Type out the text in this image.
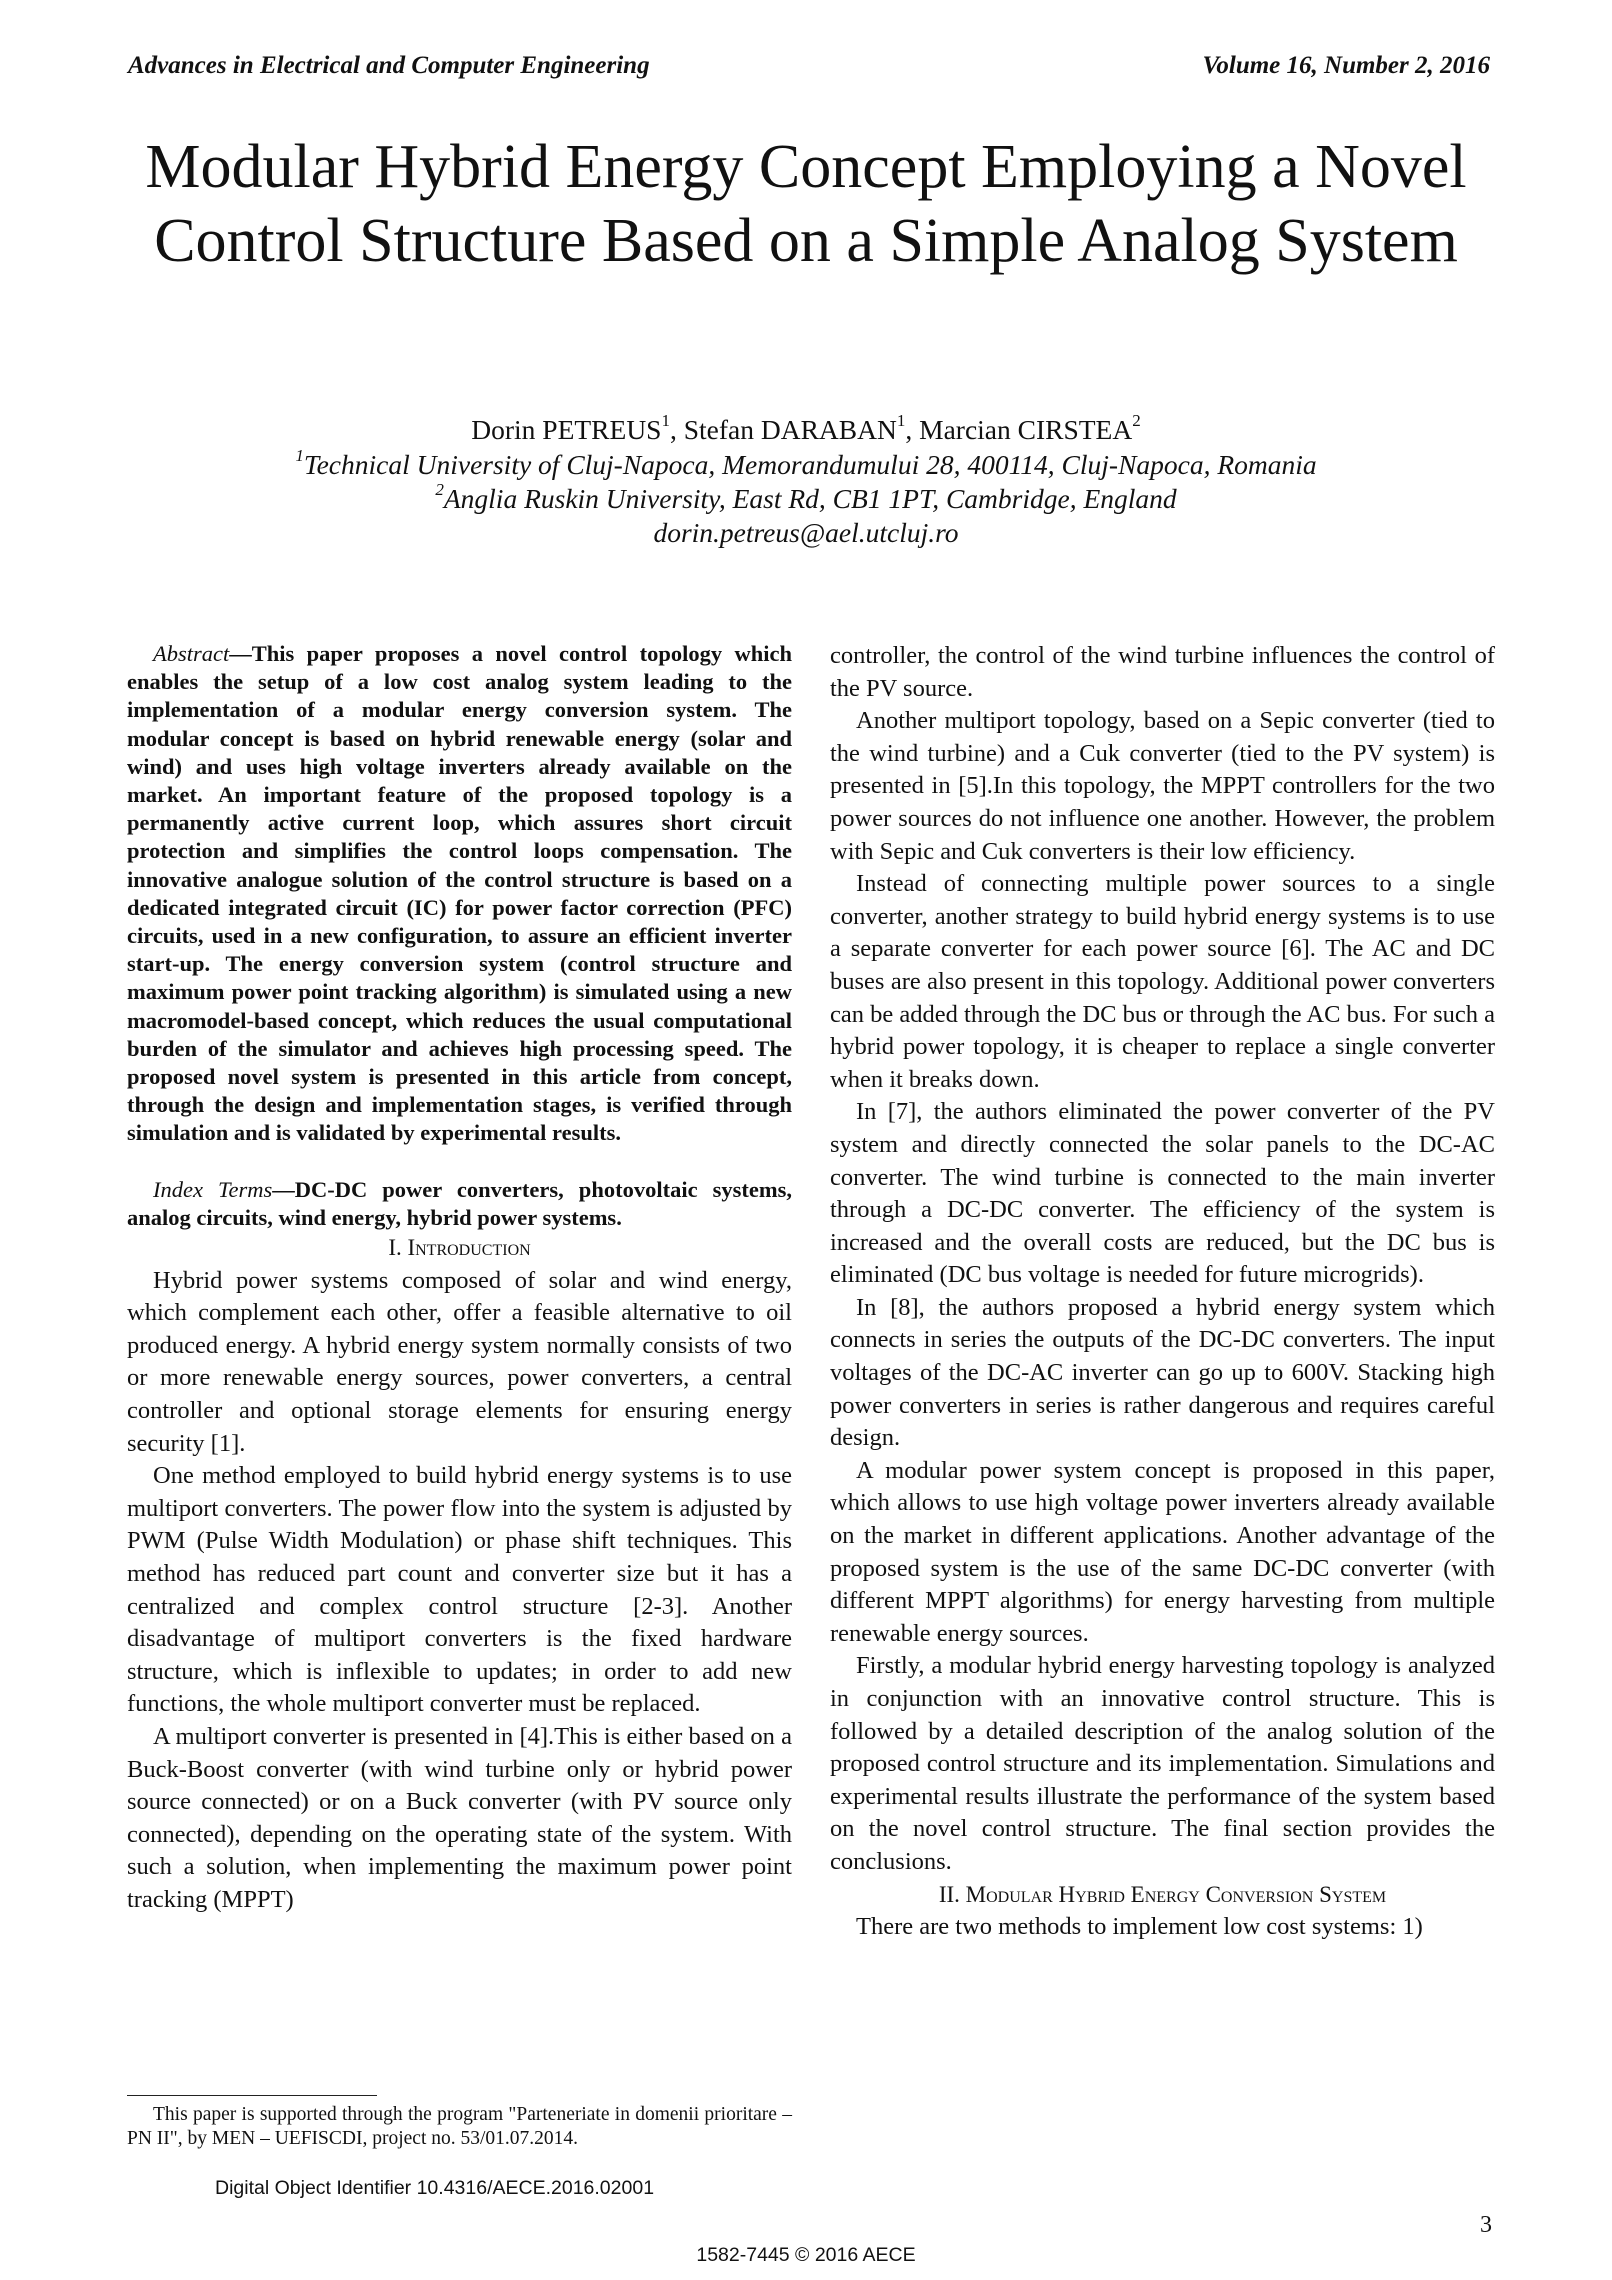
Advances in Electrical and Computer Engineering	Volume 16, Number 2, 2016
Modular Hybrid Energy Concept Employing a Novel Control Structure Based on a Simple Analog System
Dorin PETREUS$^1$, Stefan DARABAN$^1$, Marcian CIRSTEA$^2$
$^1$Technical University of Cluj-Napoca, Memorandumului 28, 400114, Cluj-Napoca, Romania
$^2$Anglia Ruskin University, East Rd, CB1 1PT, Cambridge, England
dorin.petreus@ael.utcluj.ro

Abstract—This paper proposes a novel control topology which enables the setup of a low cost analog system leading to the implementation of a modular energy conversion system. The modular concept is based on hybrid renewable energy (solar and wind) and uses high voltage inverters already available on the market. An important feature of the proposed topology is a permanently active current loop, which assures short circuit protection and simplifies the control loops compensation. The innovative analogue solution of the control structure is based on a dedicated integrated circuit (IC) for power factor correction (PFC) circuits, used in a new configuration, to assure an efficient inverter start-up. The energy conversion system (control structure and maximum power point tracking algorithm) is simulated using a new macromodel-based concept, which reduces the usual computational burden of the simulator and achieves high processing speed. The proposed novel system is presented in this article from concept, through the design and implementation stages, is verified through simulation and is validated by experimental results.

Index Terms—DC-DC power converters, photovoltaic systems, analog circuits, wind energy, hybrid power systems.

I. Introduction

Hybrid power systems composed of solar and wind energy, which complement each other, offer a feasible alternative to oil produced energy. A hybrid energy system normally consists of two or more renewable energy sources, power converters, a central controller and optional storage elements for ensuring energy security [1].

One method employed to build hybrid energy systems is to use multiport converters. The power flow into the system is adjusted by PWM (Pulse Width Modulation) or phase shift techniques. This method has reduced part count and converter size but it has a centralized and complex control structure [2-3]. Another disadvantage of multiport converters is the fixed hardware structure, which is inflexible to updates; in order to add new functions, the whole multiport converter must be replaced.

A multiport converter is presented in [4].This is either based on a Buck-Boost converter (with wind turbine only or hybrid power source connected) or on a Buck converter (with PV source only connected), depending on the operating state of the system. With such a solution, when implementing the maximum power point tracking (MPPT)

controller, the control of the wind turbine influences the control of the PV source.

Another multiport topology, based on a Sepic converter (tied to the wind turbine) and a Cuk converter (tied to the PV system) is presented in [5].In this topology, the MPPT controllers for the two power sources do not influence one another. However, the problem with Sepic and Cuk converters is their low efficiency.

Instead of connecting multiple power sources to a single converter, another strategy to build hybrid energy systems is to use a separate converter for each power source [6]. The AC and DC buses are also present in this topology. Additional power converters can be added through the DC bus or through the AC bus. For such a hybrid power topology, it is cheaper to replace a single converter when it breaks down.

In [7], the authors eliminated the power converter of the PV system and directly connected the solar panels to the DC-AC converter. The wind turbine is connected to the main inverter through a DC-DC converter. The efficiency of the system is increased and the overall costs are reduced, but the DC bus is eliminated (DC bus voltage is needed for future microgrids).

In [8], the authors proposed a hybrid energy system which connects in series the outputs of the DC-DC converters. The input voltages of the DC-AC inverter can go up to 600V. Stacking high power converters in series is rather dangerous and requires careful design.

A modular power system concept is proposed in this paper, which allows to use high voltage power inverters already available on the market in different applications. Another advantage of the proposed system is the use of the same DC-DC converter (with different MPPT algorithms) for energy harvesting from multiple renewable energy sources.

Firstly, a modular hybrid energy harvesting topology is analyzed in conjunction with an innovative control structure. This is followed by a detailed description of the analog solution of the proposed control structure and its implementation. Simulations and experimental results illustrate the performance of the system based on the novel control structure. The final section provides the conclusions.

II. Modular Hybrid Energy Conversion System

There are two methods to implement low cost systems: 1)

This paper is supported through the program "Parteneriate in domenii prioritare – PN II", by MEN – UEFISCDI, project no. 53/01.07.2014.

Digital Object Identifier 10.4316/AECE.2016.02001
3
1582-7445 © 2016 AECE
